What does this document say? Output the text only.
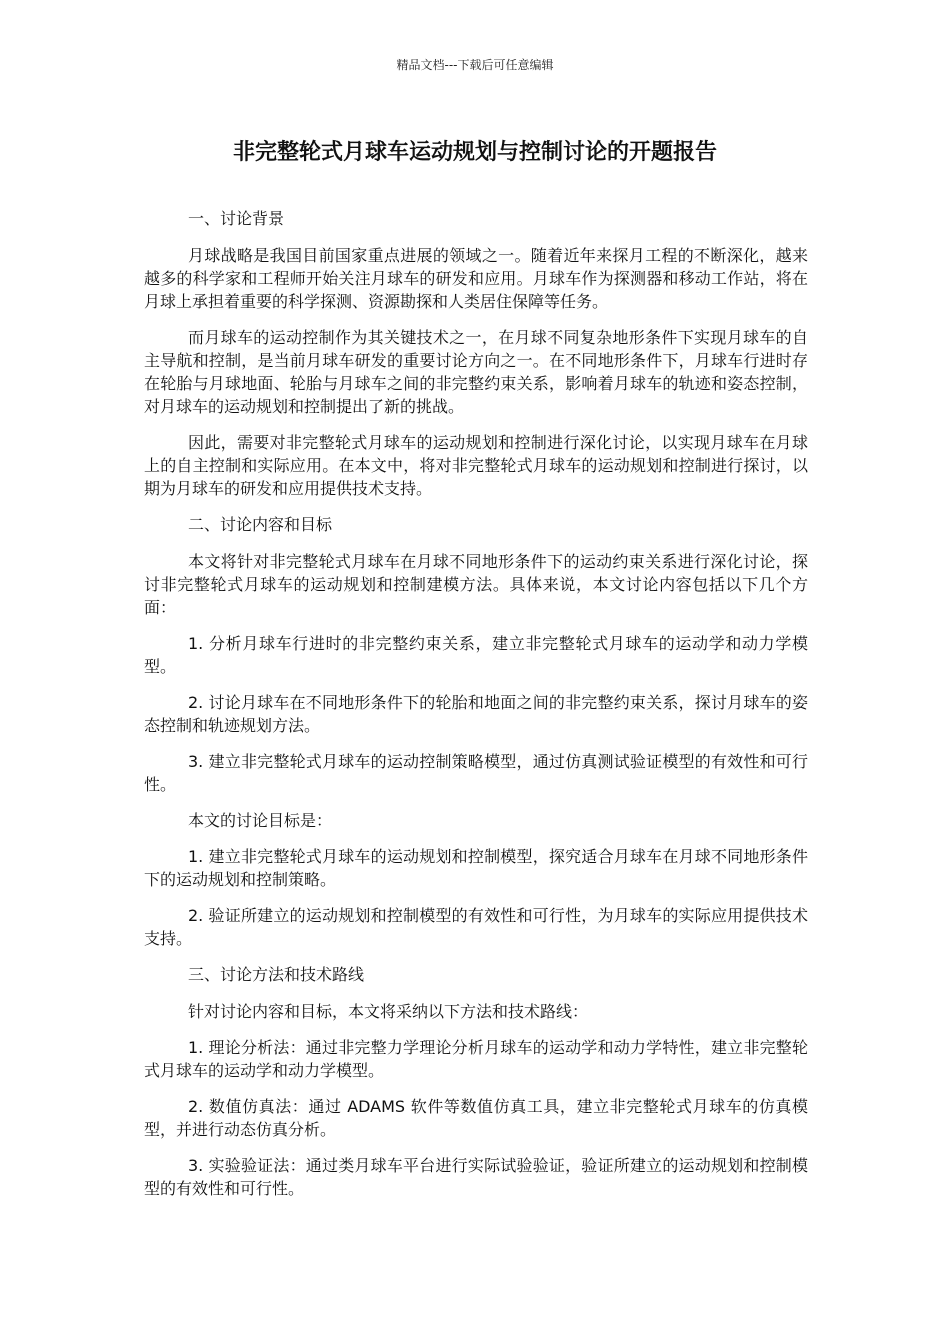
精品文档---下载后可任意编辑
非完整轮式月球车运动规划与控制讨论的开题报告

一、讨论背景

月球战略是我国目前国家重点进展的领域之一。随着近年来探月工程的不断深化，越来越多的科学家和工程师开始关注月球车的研发和应用。月球车作为探测器和移动工作站，将在月球上承担着重要的科学探测、资源勘探和人类居住保障等任务。

而月球车的运动控制作为其关键技术之一，在月球不同复杂地形条件下实现月球车的自主导航和控制，是当前月球车研发的重要讨论方向之一。在不同地形条件下，月球车行进时存在轮胎与月球地面、轮胎与月球车之间的非完整约束关系，影响着月球车的轨迹和姿态控制，对月球车的运动规划和控制提出了新的挑战。

因此，需要对非完整轮式月球车的运动规划和控制进行深化讨论，以实现月球车在月球上的自主控制和实际应用。在本文中，将对非完整轮式月球车的运动规划和控制进行探讨，以期为月球车的研发和应用提供技术支持。

二、讨论内容和目标

本文将针对非完整轮式月球车在月球不同地形条件下的运动约束关系进行深化讨论，探讨非完整轮式月球车的运动规划和控制建模方法。具体来说，本文讨论内容包括以下几个方面：

1. 分析月球车行进时的非完整约束关系，建立非完整轮式月球车的运动学和动力学模型。

2. 讨论月球车在不同地形条件下的轮胎和地面之间的非完整约束关系，探讨月球车的姿态控制和轨迹规划方法。

3. 建立非完整轮式月球车的运动控制策略模型，通过仿真测试验证模型的有效性和可行性。

本文的讨论目标是：

1. 建立非完整轮式月球车的运动规划和控制模型，探究适合月球车在月球不同地形条件下的运动规划和控制策略。

2. 验证所建立的运动规划和控制模型的有效性和可行性，为月球车的实际应用提供技术支持。

三、讨论方法和技术路线

针对讨论内容和目标，本文将采纳以下方法和技术路线：

1. 理论分析法：通过非完整力学理论分析月球车的运动学和动力学特性，建立非完整轮式月球车的运动学和动力学模型。

2. 数值仿真法：通过 ADAMS 软件等数值仿真工具，建立非完整轮式月球车的仿真模型，并进行动态仿真分析。

3. 实验验证法：通过类月球车平台进行实际试验验证，验证所建立的运动规划和控制模型的有效性和可行性。
